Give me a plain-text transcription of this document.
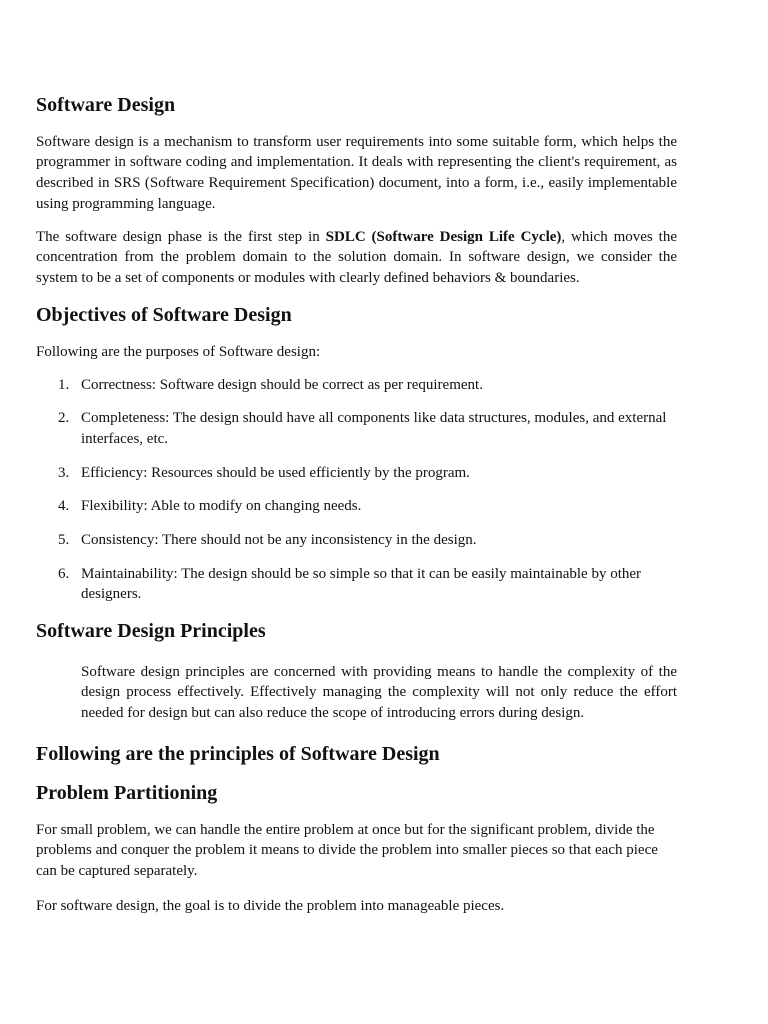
Software Design

Software design is a mechanism to transform user requirements into some suitable form, which helps the programmer in software coding and implementation. It deals with representing the client's requirement, as described in SRS (Software Requirement Specification) document, into a form, i.e., easily implementable using programming language.

The software design phase is the first step in SDLC (Software Design Life Cycle), which moves the concentration from the problem domain to the solution domain. In software design, we consider the system to be a set of components or modules with clearly defined behaviors & boundaries.

Objectives of Software Design

Following are the purposes of Software design:

1. Correctness: Software design should be correct as per requirement.
2. Completeness: The design should have all components like data structures, modules, and external interfaces, etc.
3. Efficiency: Resources should be used efficiently by the program.
4. Flexibility: Able to modify on changing needs.
5. Consistency: There should not be any inconsistency in the design.
6. Maintainability: The design should be so simple so that it can be easily maintainable by other designers.
Software Design Principles

Software design principles are concerned with providing means to handle the complexity of the design process effectively. Effectively managing the complexity will not only reduce the effort needed for design but can also reduce the scope of introducing errors during design.

Following are the principles of Software Design
Problem Partitioning

For small problem, we can handle the entire problem at once but for the significant problem, divide the problems and conquer the problem it means to divide the problem into smaller pieces so that each piece can be captured separately.

For software design, the goal is to divide the problem into manageable pieces.
